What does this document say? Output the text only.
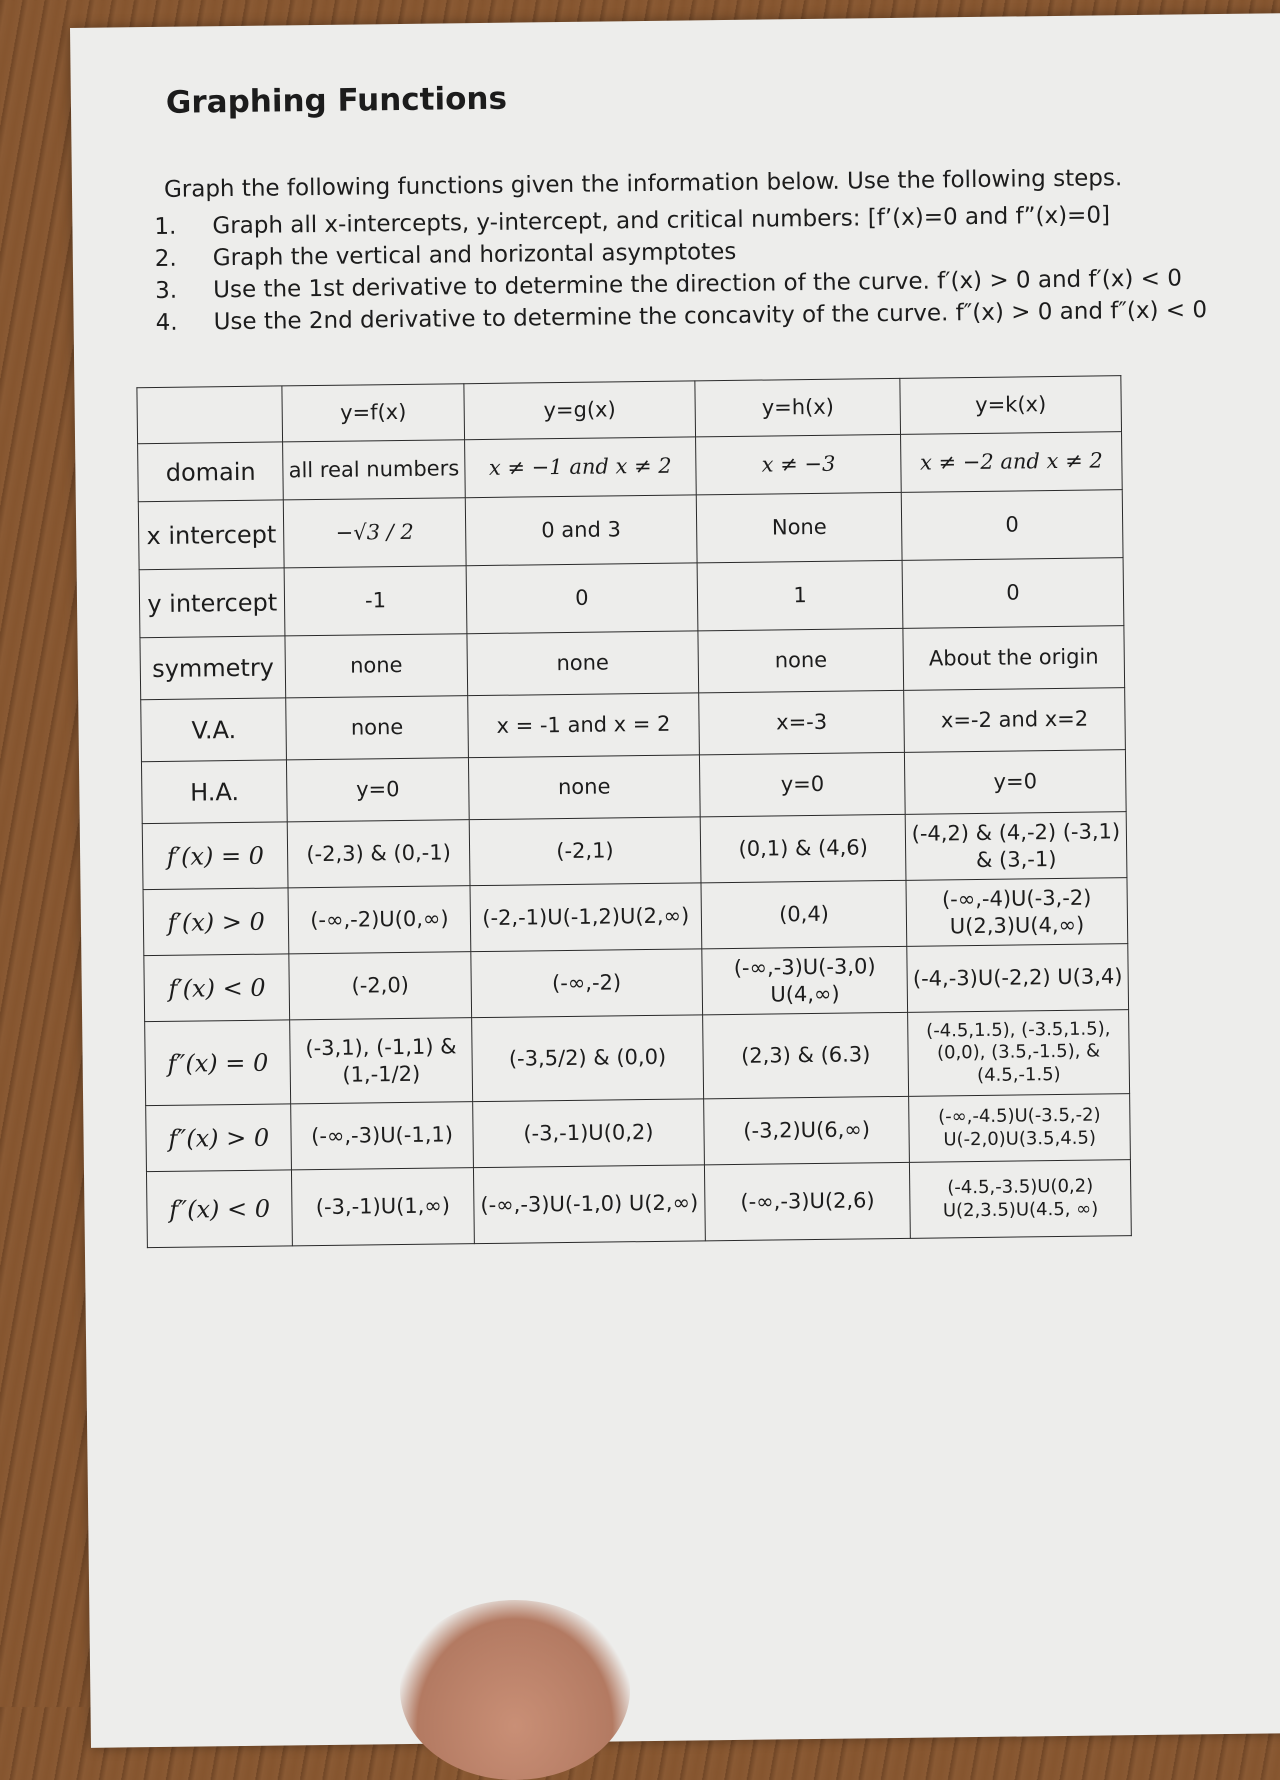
Graphing Functions
Graph the following functions given the information below. Use the following steps.
1.	Graph all x-intercepts, y-intercept, and critical numbers: [f’(x)=0 and f”(x)=0]
2.	Graph the vertical and horizontal asymptotes
3.	Use the 1st derivative to determine the direction of the curve. f′(x) > 0 and f′(x) < 0
4.	Use the 2nd derivative to determine the concavity of the curve. f″(x) > 0 and f″(x) < 0
	y=f(x)	y=g(x)	y=h(x)	y=k(x)
domain	all real numbers	x ≠ −1 and x ≠ 2	x ≠ −3	x ≠ −2 and x ≠ 2
x intercept	−√3 / 2	0 and 3	None	0
y intercept	-1	0	1	0
symmetry	none	none	none	About the origin
V.A.	none	x = -1 and x = 2	x=-3	x=-2 and x=2
H.A.	y=0	none	y=0	y=0
f′(x) = 0	(-2,3) & (0,-1)	(-2,1)	(0,1) & (4,6)	(-4,2) & (4,-2) (-3,1) & (3,-1)
f′(x) > 0	(-∞,-2)U(0,∞)	(-2,-1)U(-1,2)U(2,∞)	(0,4)	(-∞,-4)U(-3,-2) U(2,3)U(4,∞)
f′(x) < 0	(-2,0)	(-∞,-2)	(-∞,-3)U(-3,0) U(4,∞)	(-4,-3)U(-2,2) U(3,4)
f″(x) = 0	(-3,1), (-1,1) & (1,-1/2)	(-3,5/2) & (0,0)	(2,3) & (6.3)	(-4.5,1.5), (-3.5,1.5), (0,0), (3.5,-1.5), & (4.5,-1.5)
f″(x) > 0	(-∞,-3)U(-1,1)	(-3,-1)U(0,2)	(-3,2)U(6,∞)	(-∞,-4.5)U(-3.5,-2) U(-2,0)U(3.5,4.5)
f″(x) < 0	(-3,-1)U(1,∞)	(-∞,-3)U(-1,0) U(2,∞)	(-∞,-3)U(2,6)	(-4.5,-3.5)U(0,2) U(2,3.5)U(4.5, ∞)
